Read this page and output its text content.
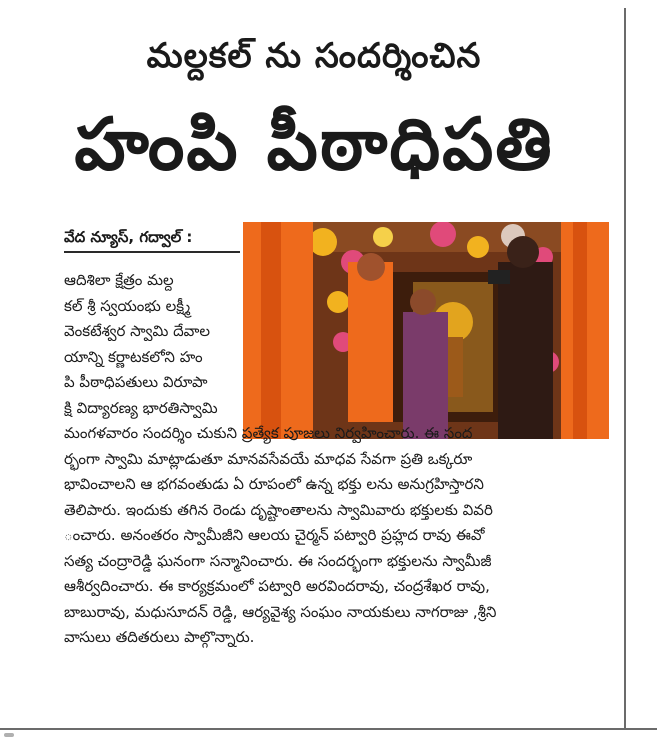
మల్దకల్ ను సందర్శించిన
హంపి పీఠాధిపతి
వేద న్యూస్, గద్వాల్ :
ఆదిశిలా క్షేత్రం మల్ద
కల్ శ్రీ స్వయంభు లక్ష్మీ
వెంకటేశ్వర స్వామి దేవాల
యాన్ని కర్ణాటకలోని హం
పి పీఠాధిపతులు విరూపా
క్షి విద్యారణ్య భారతిస్వామి
మంగళవారం సందర్శిం చుకుని ప్రత్యేక పూజలు నిర్వహించారు. ఈ సంద
ర్భంగా స్వామి మాట్లాడుతూ మానవసేవయే మాధవ సేవగా ప్రతి ఒక్కరూ
భావించాలని ఆ భగవంతుడు ఏ రూపంలో ఉన్న భక్తు లను అనుగ్రహిస్తారని
తెలిపారు. ఇందుకు తగిన రెండు దృష్టాంతాలను స్వామివారు భక్తులకు వివరి
ంచారు. అనంతరం స్వామీజీని ఆలయ చైర్మన్ పట్వారి ప్రహ్లద రావు ఈవో
సత్య చంద్రారెడ్డి ఘనంగా సన్మానించారు. ఈ సందర్భంగా భక్తులను స్వామీజీ
ఆశీర్వదించారు. ఈ కార్యక్రమంలో పట్వారి అరవిందరావు, చంద్రశేఖర రావు,
బాబురావు, మధుసూదన్ రెడ్డి, ఆర్యవైశ్య సంఘం నాయకులు నాగరాజు ,శ్రీని
వాసులు తదితరులు పాల్గొన్నారు.
